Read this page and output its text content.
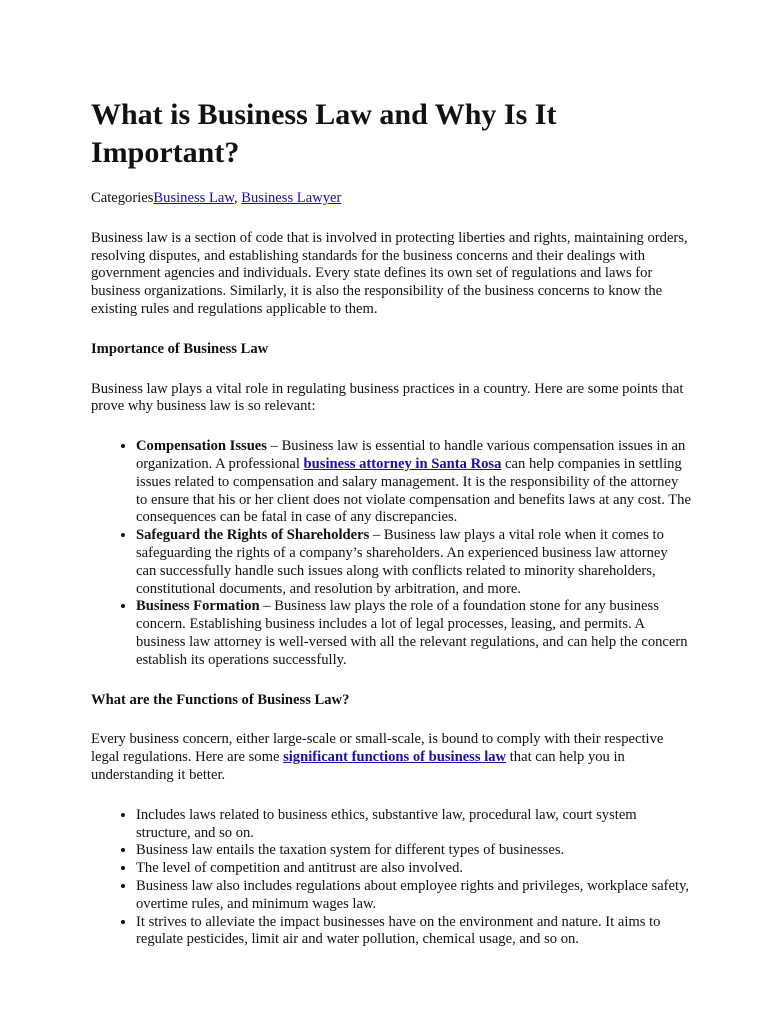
What is Business Law and Why Is It Important?

CategoriesBusiness Law, Business Lawyer

Business law is a section of code that is involved in protecting liberties and rights, maintaining orders, resolving disputes, and establishing standards for the business concerns and their dealings with government agencies and individuals. Every state defines its own set of regulations and laws for business organizations. Similarly, it is also the responsibility of the business concerns to know the existing rules and regulations applicable to them.

Importance of Business Law

Business law plays a vital role in regulating business practices in a country. Here are some points that prove why business law is so relevant:

• Compensation Issues – Business law is essential to handle various compensation issues in an organization. A professional business attorney in Santa Rosa can help companies in settling issues related to compensation and salary management. It is the responsibility of the attorney to ensure that his or her client does not violate compensation and benefits laws at any cost. The consequences can be fatal in case of any discrepancies.
• Safeguard the Rights of Shareholders – Business law plays a vital role when it comes to safeguarding the rights of a company’s shareholders. An experienced business law attorney can successfully handle such issues along with conflicts related to minority shareholders, constitutional documents, and resolution by arbitration, and more.
• Business Formation – Business law plays the role of a foundation stone for any business concern. Establishing business includes a lot of legal processes, leasing, and permits. A business law attorney is well-versed with all the relevant regulations, and can help the concern establish its operations successfully.

What are the Functions of Business Law?

Every business concern, either large-scale or small-scale, is bound to comply with their respective legal regulations. Here are some significant functions of business law that can help you in understanding it better.

• Includes laws related to business ethics, substantive law, procedural law, court system structure, and so on.
• Business law entails the taxation system for different types of businesses.
• The level of competition and antitrust are also involved.
• Business law also includes regulations about employee rights and privileges, workplace safety, overtime rules, and minimum wages law.
• It strives to alleviate the impact businesses have on the environment and nature. It aims to regulate pesticides, limit air and water pollution, chemical usage, and so on.
